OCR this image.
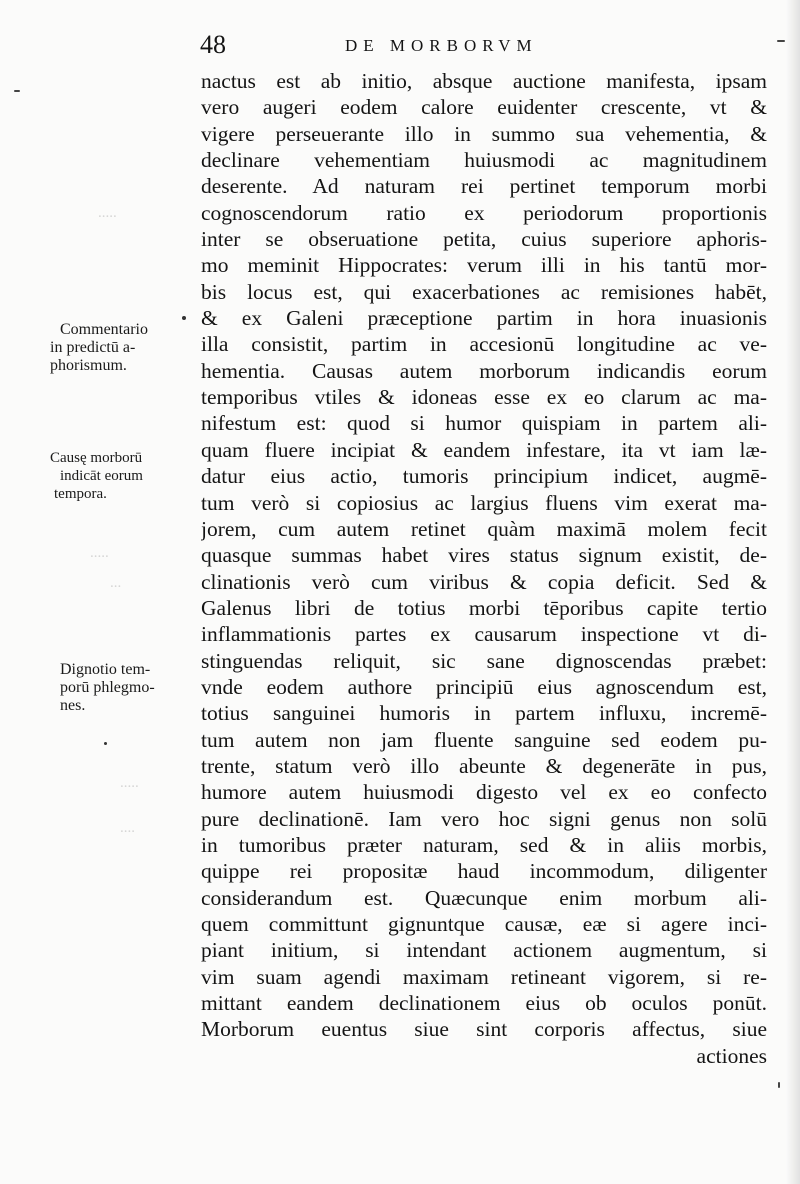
.....
.....
...
.....
....
48	DE MORBORVM
Commentario
in predictū a-
phorismum.
Causę morborū
indicāt eorum
tempora.
Dignotio tem-
porū phlegmo-
nes.
nactus est ab initio, absque auctione manifesta, ipsam
vero augeri eodem calore euidenter crescente, vt &
vigere perseuerante illo in summo sua vehementia, &
declinare vehementiam huiusmodi ac magnitudinem
deserente. Ad naturam rei pertinet temporum morbi
cognoscendorum ratio ex periodorum proportionis
inter se obseruatione petita, cuius superiore aphoris-
mo meminit Hippocrates: verum illi in his tantū mor-
bis locus est, qui exacerbationes ac remisiones habēt,
& ex Galeni præceptione partim in hora inuasionis
illa consistit, partim in accesionū longitudine ac ve-
hementia. Causas autem morborum indicandis eorum
temporibus vtiles & idoneas esse ex eo clarum ac ma-
nifestum est: quod si humor quispiam in partem ali-
quam fluere incipiat & eandem infestare, ita vt iam læ-
datur eius actio, tumoris principium indicet, augmē-
tum verò si copiosius ac largius fluens vim exerat ma-
jorem, cum autem retinet quàm maximā molem fecit
quasque summas habet vires status signum existit, de-
clinationis verò cum viribus & copia deficit. Sed &
Galenus libri de totius morbi tēporibus capite tertio
inflammationis partes ex causarum inspectione vt di-
stinguendas reliquit, sic sane dignoscendas præbet:
vnde eodem authore principiū eius agnoscendum est,
totius sanguinei humoris in partem influxu, incremē-
tum autem non jam fluente sanguine sed eodem pu-
trente, statum verò illo abeunte & degenerāte in pus,
humore autem huiusmodi digesto vel ex eo confecto
pure declinationē. Iam vero hoc signi genus non solū
in tumoribus præter naturam, sed & in aliis morbis,
quippe rei propositæ haud incommodum, diligenter
considerandum est. Quæcunque enim morbum ali-
quem committunt gignuntque causæ, eæ si agere inci-
piant initium, si intendant actionem augmentum, si
vim suam agendi maximam retineant vigorem, si re-
mittant eandem declinationem eius ob oculos ponūt.
Morborum euentus siue sint corporis affectus, siue
actiones
